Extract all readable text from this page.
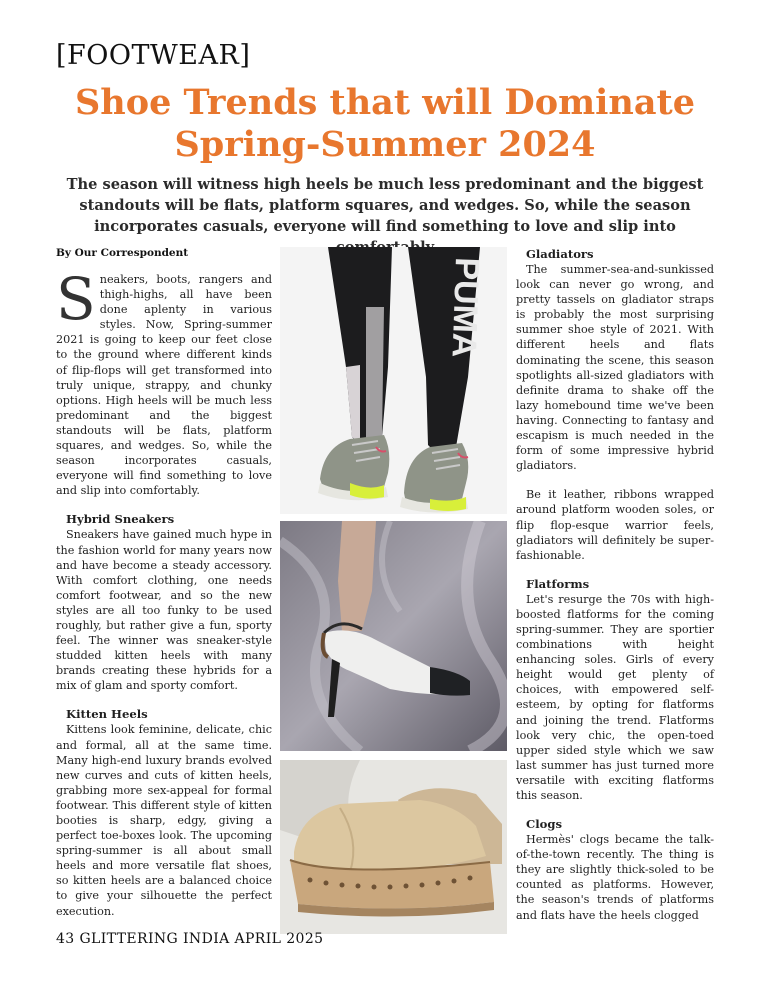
[FOOTWEAR]
Shoe Trends that will Dominate
Spring-Summer 2024
The season will witness high heels be much less predominant and the biggest standouts will be flats, platform squares, and wedges. So, while the season incorporates casuals, everyone will find something to love and slip into
By Our Correspondent

Sneakers, boots, rangers and thigh-highs, all have been done aplenty in various styles. Now, Spring-summer 2021 is going to keep our feet close to the ground where different kinds of flip-flops will get transformed into truly unique, strappy, and chunky options. High heels will be much less predominant and the biggest standouts will be flats, platform squares, and wedges. So, while the season incorporates casuals, everyone will find something to love and slip into comfortably.

Hybrid Sneakers

Sneakers have gained much hype in the fashion world for many years now and have become a steady accessory. With comfort clothing, one needs comfort footwear, and so the new styles are all too funky to be used roughly, but rather give a fun, sporty feel. The winner was sneaker-style studded kitten heels with many brands creating these hybrids for a mix of glam and sporty comfort.

Kitten Heels

Kittens look feminine, delicate, chic and formal, all at the same time. Many high-end luxury brands evolved new curves and cuts of kitten heels, grabbing more sex-appeal for formal footwear. This different style of kitten booties is sharp, edgy, giving a perfect toe-boxes look. The upcoming spring-summer is all about small heels and more versatile flat shoes, so kitten heels are a balanced choice to give your silhouette the perfect execution.

PUMA
Gladiators

The summer-sea-and-sunkissed look can never go wrong, and pretty tassels on gladiator straps is probably the most surprising summer shoe style of 2021. With different heels and flats dominating the scene, this season spotlights all-sized gladiators with definite drama to shake off the lazy homebound time we've been having. Connecting to fantasy and escapism is much needed in the form of some impressive hybrid gladiators.

Be it leather, ribbons wrapped around platform wooden soles, or flip flop-esque warrior feels, gladiators will definitely be super-fashionable.

Flatforms

Let's resurge the 70s with high-boosted flatforms for the coming spring-summer. They are sportier combinations with height enhancing soles. Girls of every height would get plenty of choices, with empowered self-esteem, by opting for flatforms and joining the trend. Flatforms look very chic, the open-toed upper sided style which we saw last summer has just turned more versatile with exciting flatforms this season.

Clogs

Hermès' clogs became the talk-of-the-town recently. The thing is they are slightly thick-soled to be counted as platforms. However, the season's trends of platforms and flats have the heels clogged

43 GLITTERING INDIA APRIL 2025
